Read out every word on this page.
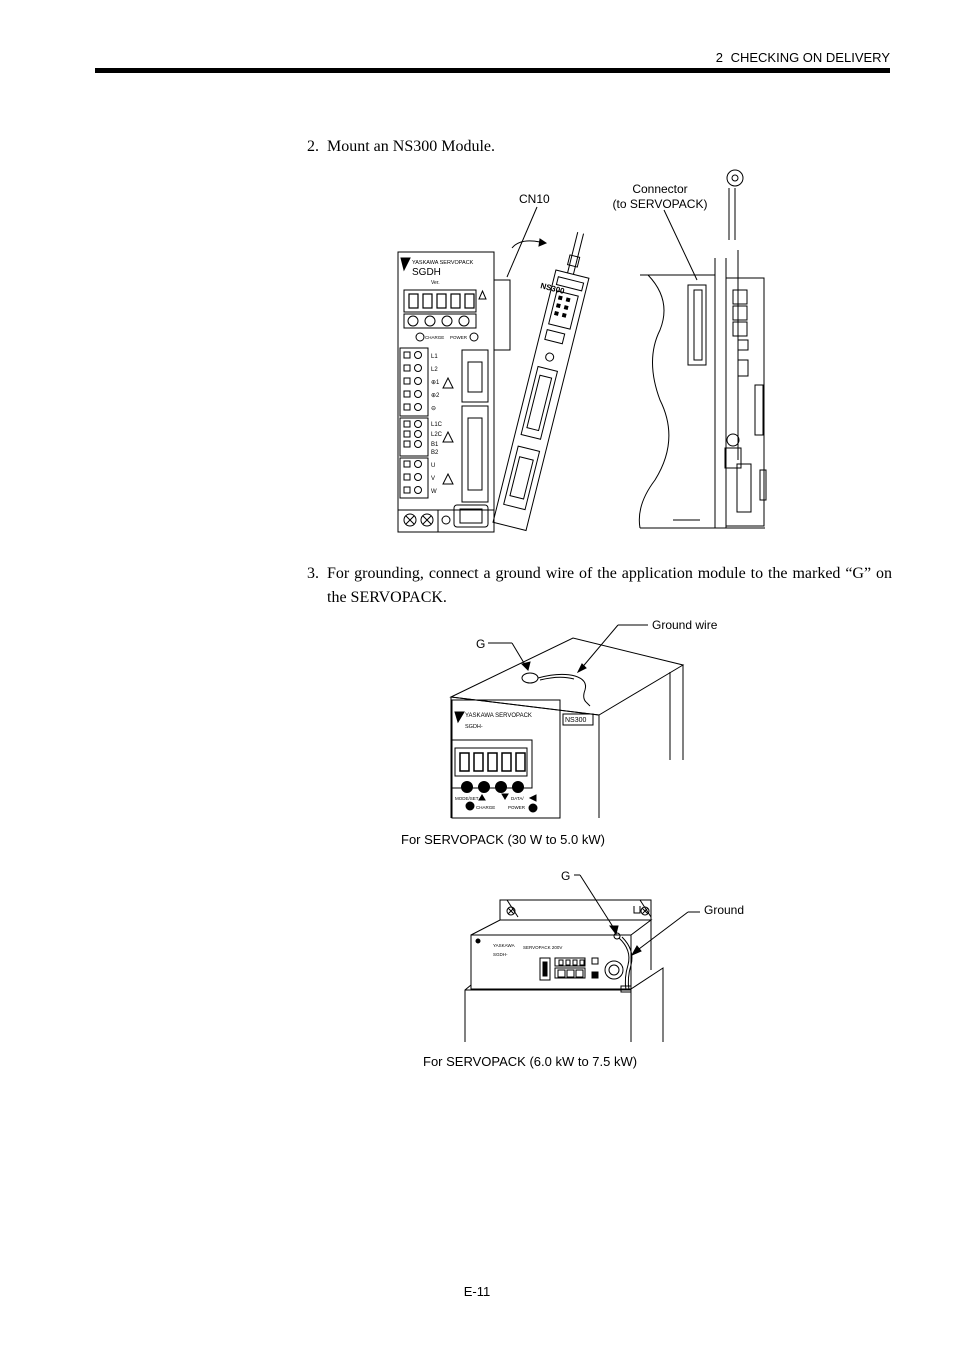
2 CHECKING ON DELIVERY
2. Mount an NS300 Module.
CN10
Connector
(to SERVOPACK)
YASKAWA SERVOPACK
SGDH
Ver.
CHARGE POWER
L1
L2
⊕1
⊕2
⊖
L1C
L2C
B1
B2
U
V
W
NS300
3. For grounding, connect a ground wire of the application module to the marked “G” on the SERVOPACK.
G
Ground wire
YASKAWA SERVOPACK
SGDH-
NS300
MODE/SET	DATA/
CHARGE	POWER
For SERVOPACK (30 W to 5.0 kW)
G
Ground
YASKAWA
SGDH-
SERVOPACK 200V
For SERVOPACK (6.0 kW to 7.5 kW)
E-11
